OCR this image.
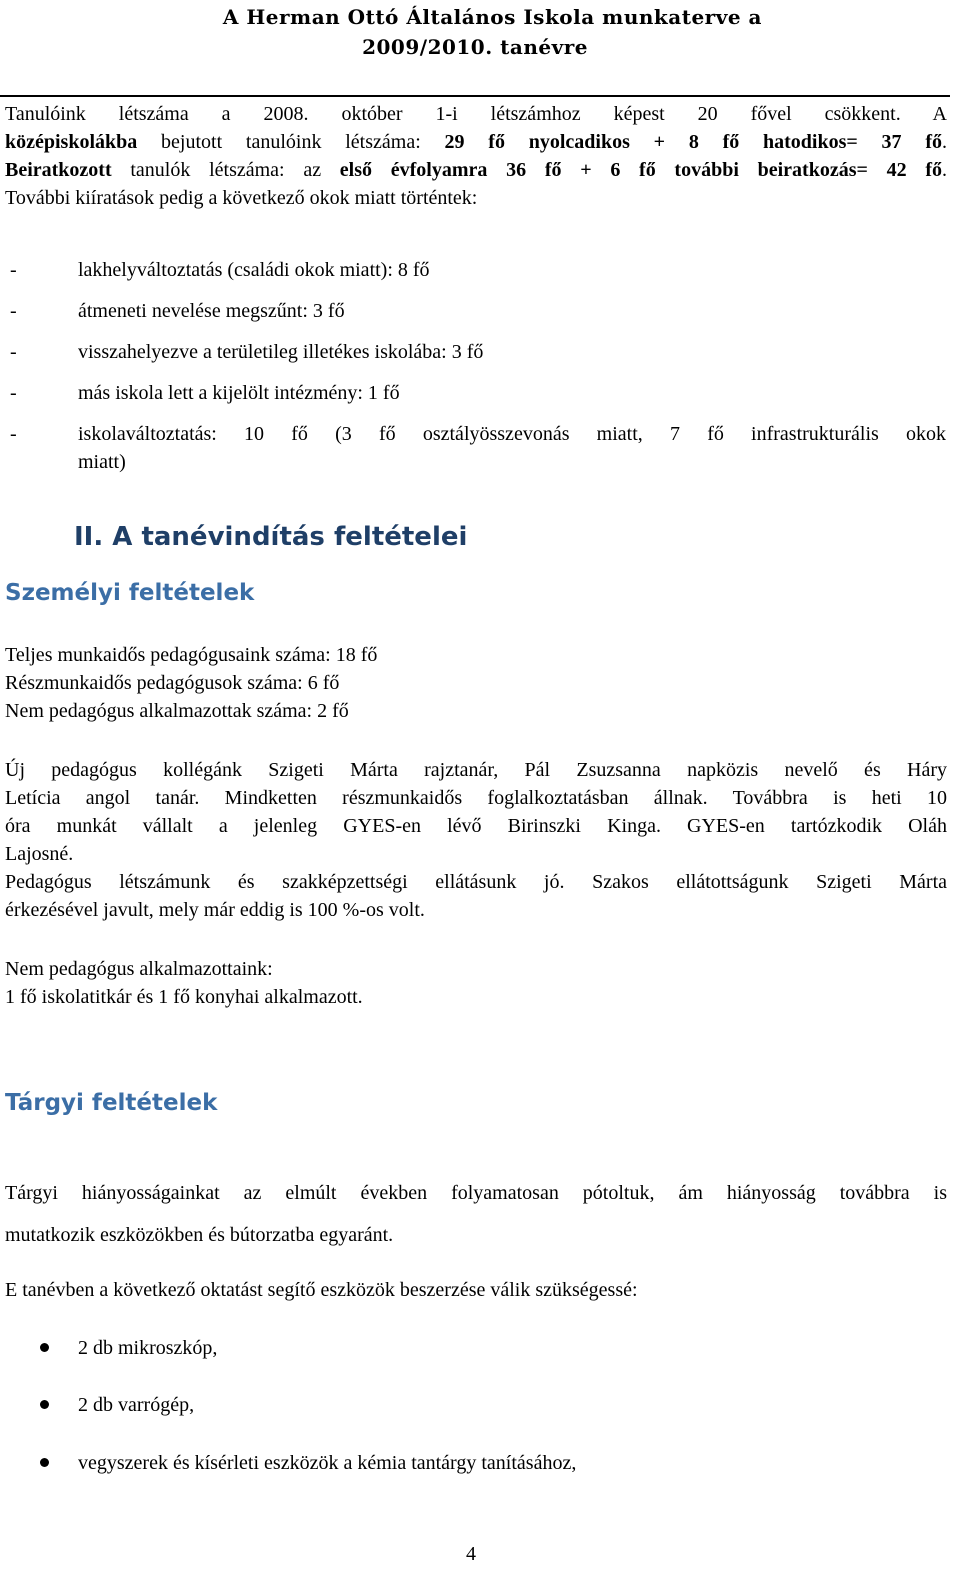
A Herman Ottó Általános Iskola munkaterve a
2009/2010. tanévre
Tanulóink létszáma a 2008. október 1-i létszámhoz képest 20 fővel csökkent. A
középiskolákba bejutott tanulóink létszáma: 29 fő nyolcadikos + 8 fő hatodikos= 37 fő.
Beiratkozott tanulók létszáma: az első évfolyamra 36 fő + 6 fő további beiratkozás= 42 fő.
További kiíratások pedig a következő okok miatt történtek:
-	lakhelyváltoztatás (családi okok miatt): 8 fő
-	átmeneti nevelése megszűnt: 3 fő
-	visszahelyezve a területileg illetékes iskolába: 3 fő
-	más iskola lett a kijelölt intézmény: 1 fő
-	iskolaváltoztatás: 10 fő (3 fő osztályösszevonás miatt, 7 fő infrastrukturális okok
miatt)
II. A tanévindítás feltételei
Személyi feltételek
Teljes munkaidős pedagógusaink száma: 18 fő
Részmunkaidős pedagógusok száma: 6 fő
Nem pedagógus alkalmazottak száma: 2 fő
Új pedagógus kollégánk Szigeti Márta rajztanár, Pál Zsuzsanna napközis nevelő és Háry
Letícia angol tanár. Mindketten részmunkaidős foglalkoztatásban állnak. Továbbra is heti 10
óra munkát vállalt a jelenleg GYES-en lévő Birinszki Kinga. GYES-en tartózkodik Oláh
Lajosné.
Pedagógus létszámunk és szakképzettségi ellátásunk jó. Szakos ellátottságunk Szigeti Márta
érkezésével javult, mely már eddig is 100 %-os volt.
Nem pedagógus alkalmazottaink:
1 fő iskolatitkár és 1 fő konyhai alkalmazott.
Tárgyi feltételek
Tárgyi hiányosságainkat az elmúlt években folyamatosan pótoltuk, ám hiányosság továbbra is
mutatkozik eszközökben és bútorzatba egyaránt.
E tanévben a következő oktatást segítő eszközök beszerzése válik szükségessé:
2 db mikroszkóp,
2 db varrógép,
vegyszerek és kísérleti eszközök a kémia tantárgy tanításához,
4
